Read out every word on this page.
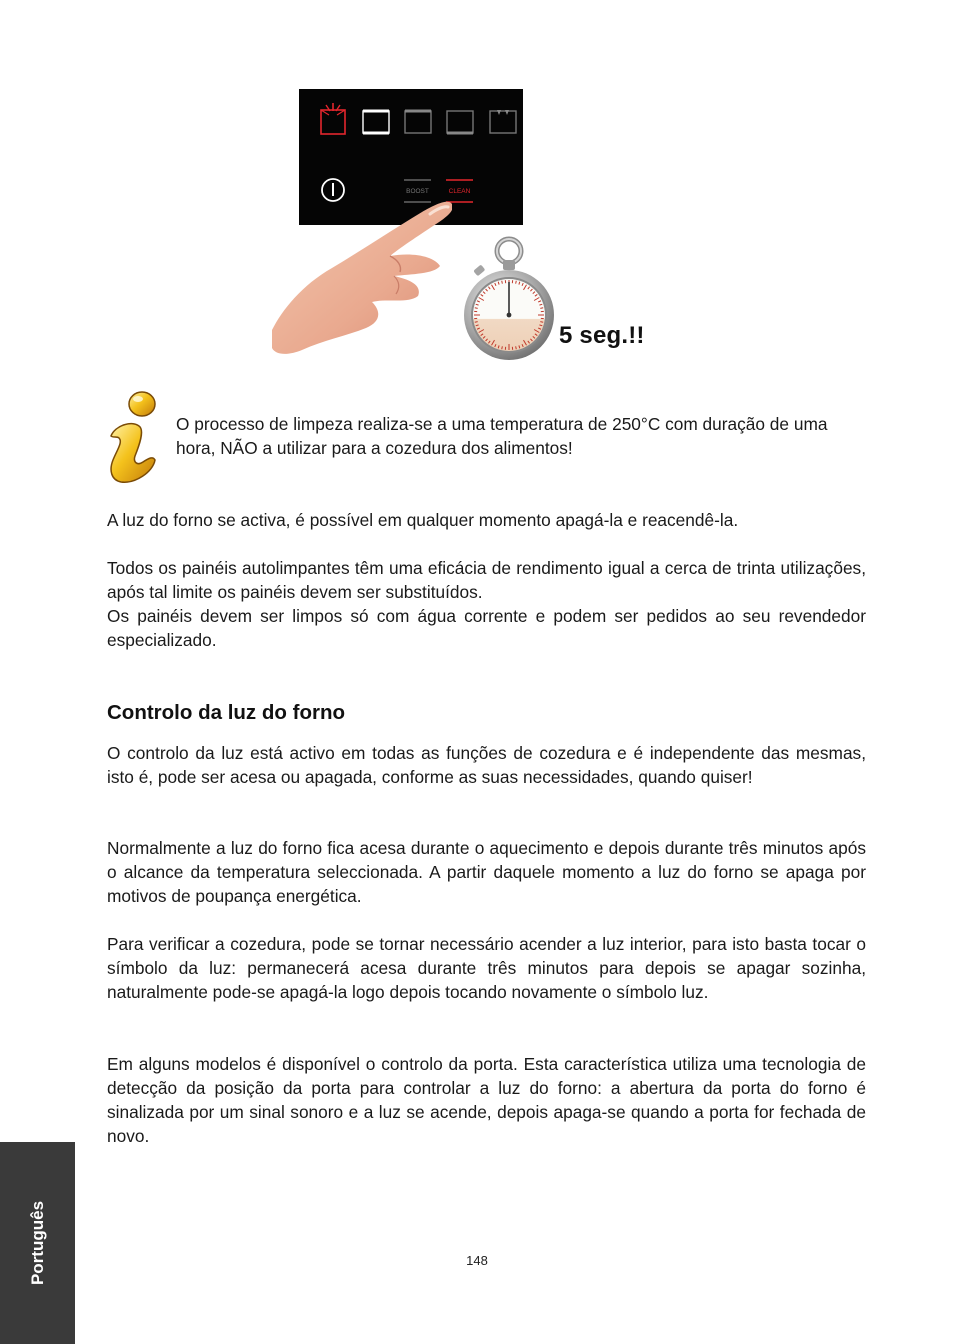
BOOST	CLEAN
5 seg.!!
O processo de limpeza realiza-se a uma temperatura de 250°C com duração de uma hora, NÃO a utilizar para a cozedura dos alimentos!

A luz do forno se activa, é possível em qualquer momento apagá-la e reacendê-la.

Todos os painéis autolimpantes têm uma eficácia de rendimento igual a cerca de trinta utilizações, após tal limite os painéis devem ser substituídos.

Os painéis devem ser limpos só com água corrente e podem ser pedidos ao seu revendedor especializado.

Controlo da luz do forno

O controlo da luz está activo em todas as funções de cozedura e é independente das mesmas, isto é, pode ser acesa ou apagada, conforme as suas necessidades, quando quiser!

Normalmente a luz do forno fica acesa durante o aquecimento e depois durante três minutos após o alcance da temperatura seleccionada. A partir daquele momento a luz do forno se apaga por motivos de poupança energética.

Para verificar a cozedura, pode se tornar necessário acender a luz interior, para isto basta tocar o símbolo da luz: permanecerá acesa durante três minutos para depois se apagar sozinha, naturalmente pode-se apagá-la logo depois tocando novamente o símbolo luz.

Em alguns modelos é disponível o controlo da porta. Esta característica utiliza uma tecnologia de detecção da posição da porta para controlar a luz do forno: a abertura da porta do forno é sinalizada por um sinal sonoro e a luz se acende, depois apaga-se quando a porta for fechada de novo.

Português	148
